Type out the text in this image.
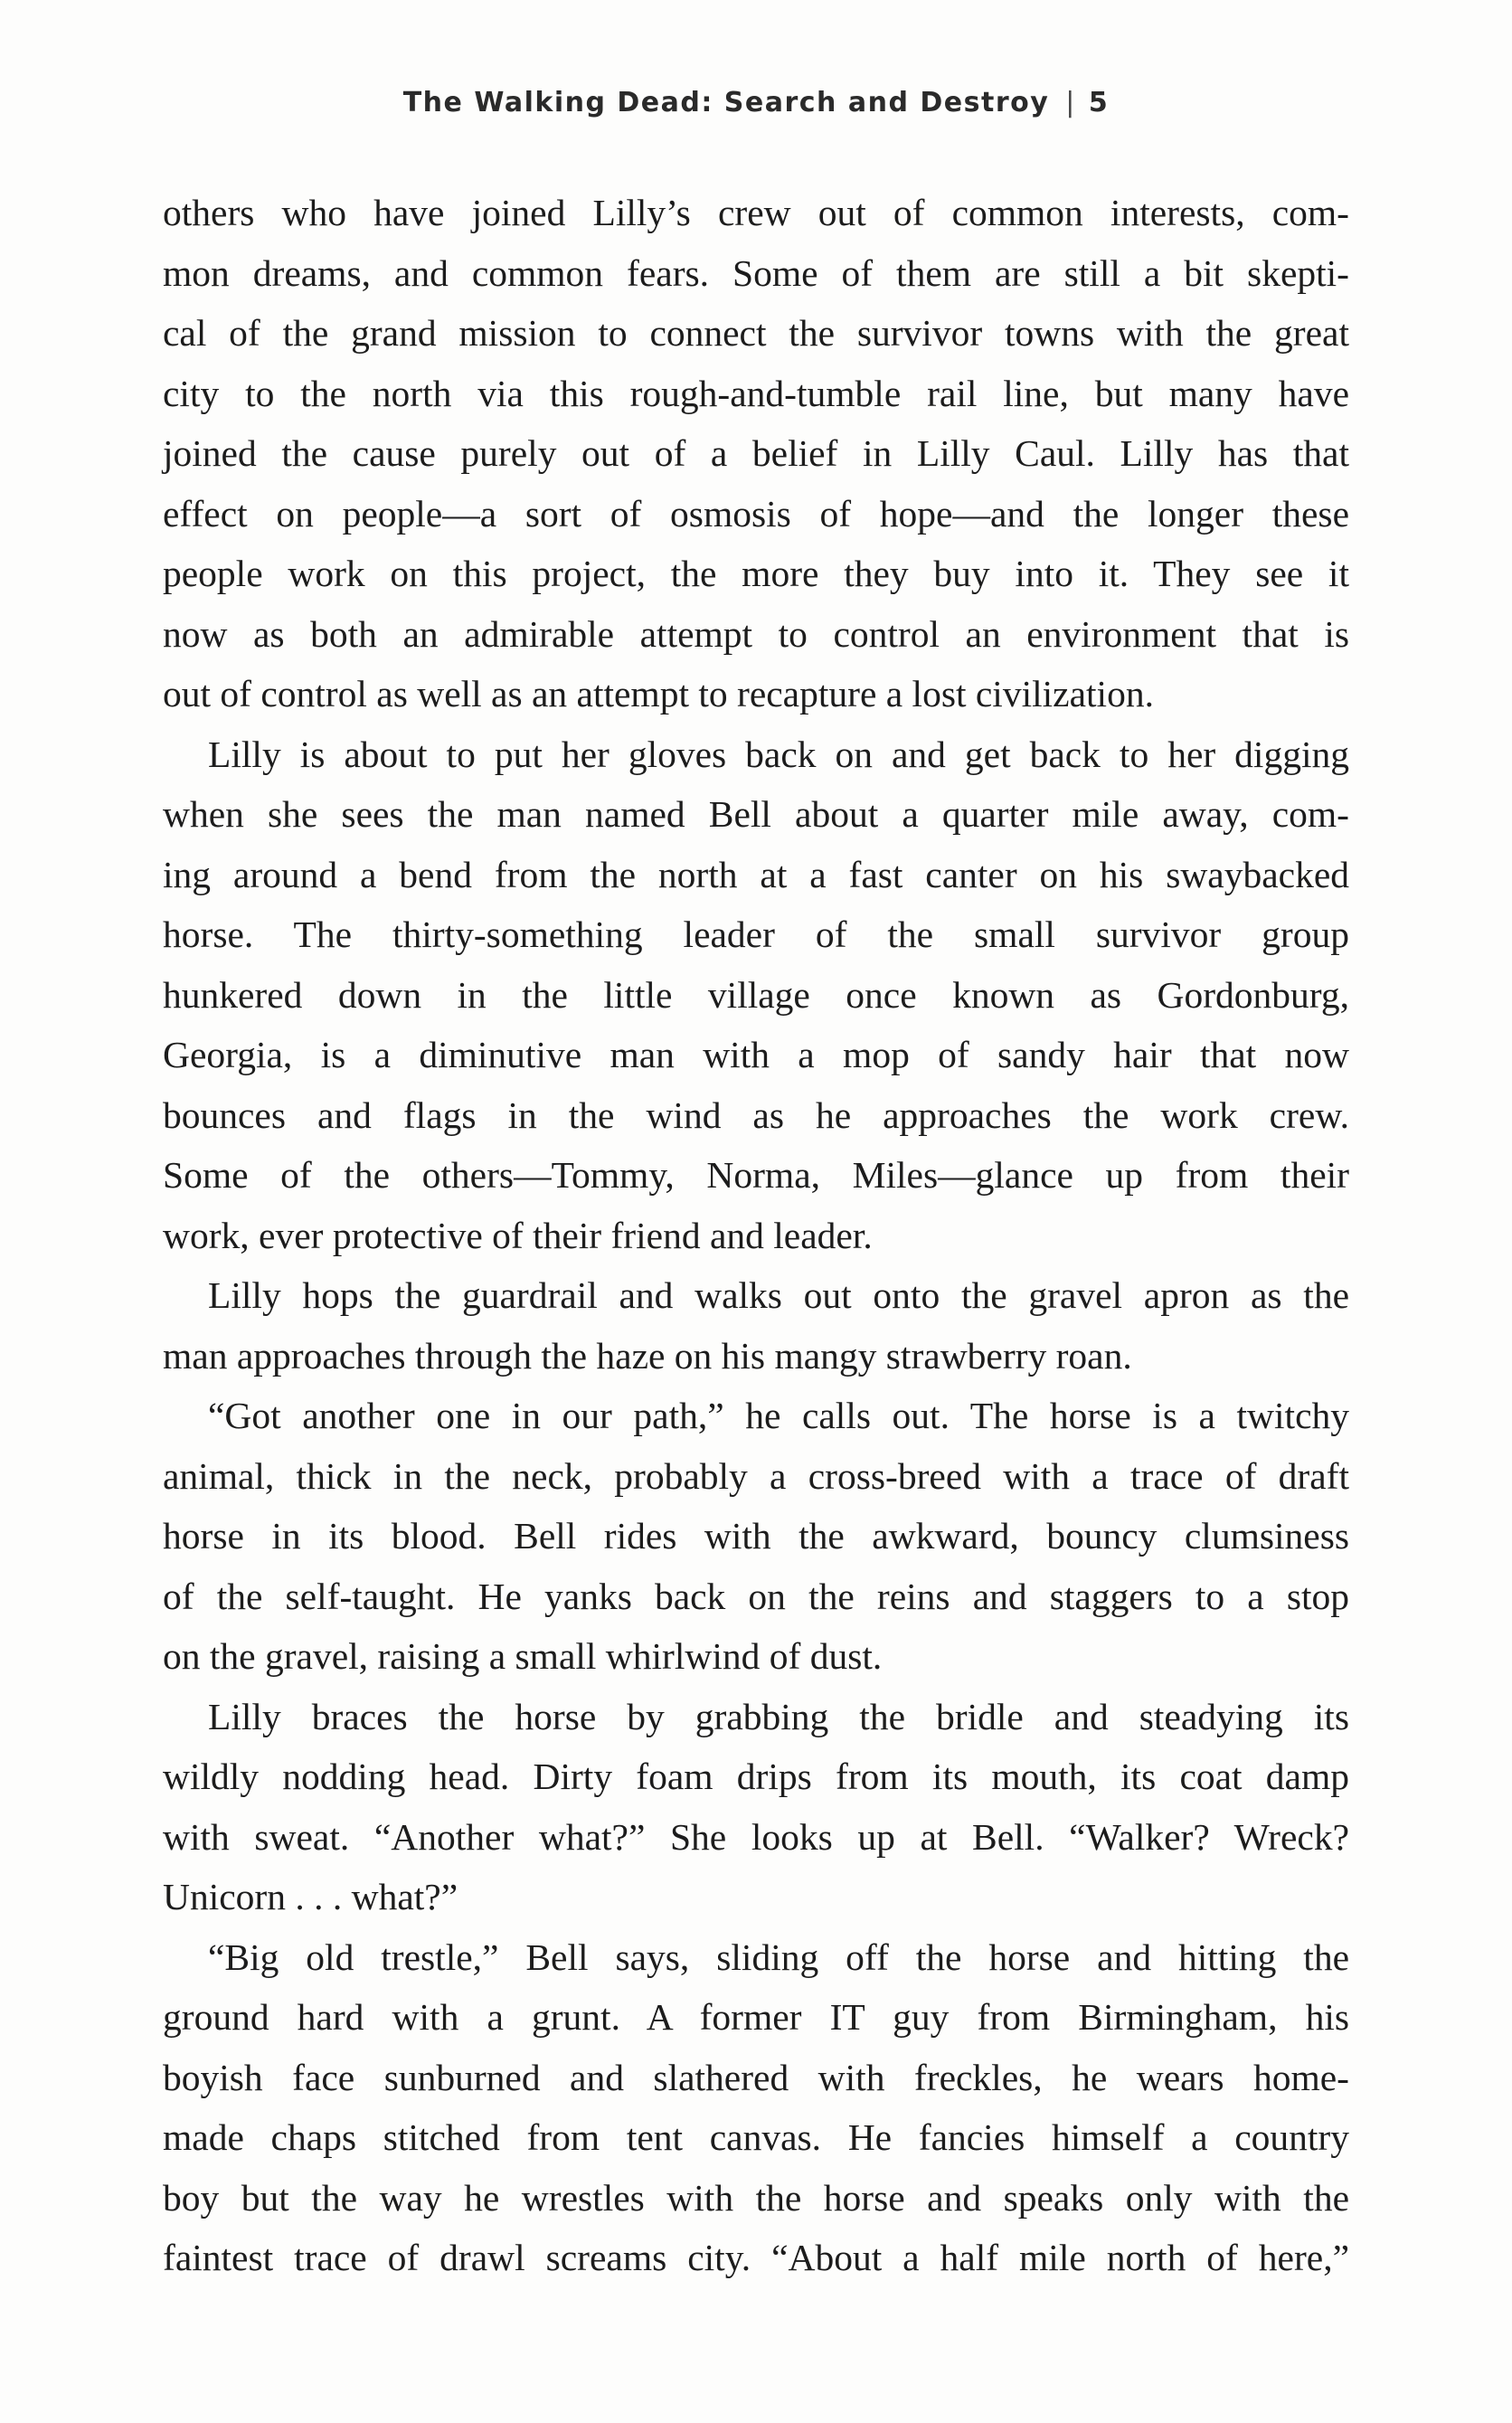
The Walking Dead: Search and Destroy | 5
others who have joined Lilly’s crew out of common interests, com-
mon dreams, and common fears. Some of them are still a bit skepti-
cal of the grand mission to connect the survivor towns with the great
city to the north via this rough-and-tumble rail line, but many have
joined the cause purely out of a belief in Lilly Caul. Lilly has that
effect on people—a sort of osmosis of hope—and the longer these
people work on this project, the more they buy into it. They see it
now as both an admirable attempt to control an environment that is
out of control as well as an attempt to recapture a lost civilization.
Lilly is about to put her gloves back on and get back to her digging
when she sees the man named Bell about a quarter mile away, com-
ing around a bend from the north at a fast canter on his swaybacked
horse. The thirty-something leader of the small survivor group
hunkered down in the little village once known as Gordonburg,
Georgia, is a diminutive man with a mop of sandy hair that now
bounces and flags in the wind as he approaches the work crew.
Some of the others—Tommy, Norma, Miles—glance up from their
work, ever protective of their friend and leader.
Lilly hops the guardrail and walks out onto the gravel apron as the
man approaches through the haze on his mangy strawberry roan.
“Got another one in our path,” he calls out. The horse is a twitchy
animal, thick in the neck, probably a cross-breed with a trace of draft
horse in its blood. Bell rides with the awkward, bouncy clumsiness
of the self-taught. He yanks back on the reins and staggers to a stop
on the gravel, raising a small whirlwind of dust.
Lilly braces the horse by grabbing the bridle and steadying its
wildly nodding head. Dirty foam drips from its mouth, its coat damp
with sweat. “Another what?” She looks up at Bell. “Walker? Wreck?
Unicorn . . . what?”
“Big old trestle,” Bell says, sliding off the horse and hitting the
ground hard with a grunt. A former IT guy from Birmingham, his
boyish face sunburned and slathered with freckles, he wears home-
made chaps stitched from tent canvas. He fancies himself a country
boy but the way he wrestles with the horse and speaks only with the
faintest trace of drawl screams city. “About a half mile north of here,”
